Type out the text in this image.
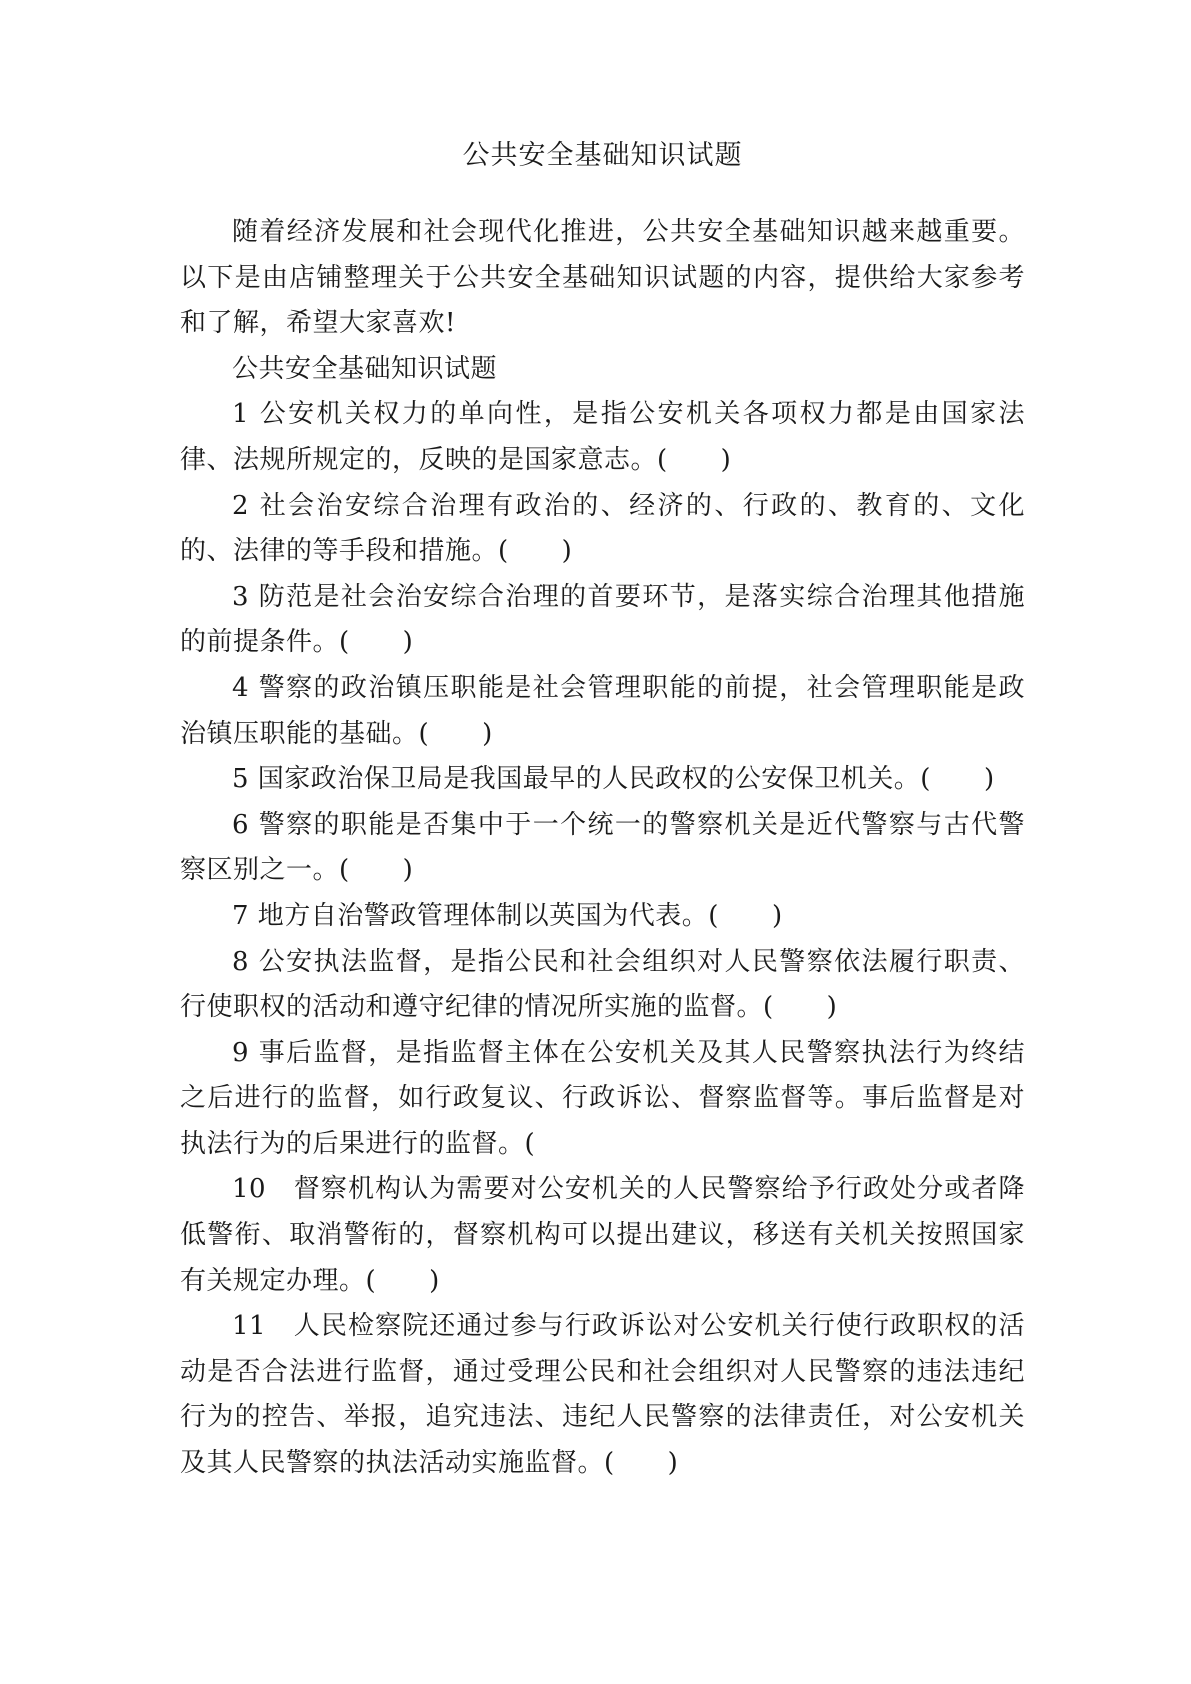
公共安全基础知识试题

随着经济发展和社会现代化推进，公共安全基础知识越来越重要。以下是由店铺整理关于公共安全基础知识试题的内容，提供给大家参考和了解，希望大家喜欢!

公共安全基础知识试题

1 公安机关权力的单向性，是指公安机关各项权力都是由国家法律、法规所规定的，反映的是国家意志。(　　)

2 社会治安综合治理有政治的、经济的、行政的、教育的、文化的、法律的等手段和措施。(　　)

3 防范是社会治安综合治理的首要环节，是落实综合治理其他措施的前提条件。(　　)

4 警察的政治镇压职能是社会管理职能的前提，社会管理职能是政治镇压职能的基础。(　　)

5 国家政治保卫局是我国最早的人民政权的公安保卫机关。(　　)

6 警察的职能是否集中于一个统一的警察机关是近代警察与古代警察区别之一。(　　)

7 地方自治警政管理体制以英国为代表。(　　)

8 公安执法监督，是指公民和社会组织对人民警察依法履行职责、行使职权的活动和遵守纪律的情况所实施的监督。(　　)

9 事后监督，是指监督主体在公安机关及其人民警察执法行为终结之后进行的监督，如行政复议、行政诉讼、督察监督等。事后监督是对执法行为的后果进行的监督。(

10　督察机构认为需要对公安机关的人民警察给予行政处分或者降低警衔、取消警衔的，督察机构可以提出建议，移送有关机关按照国家有关规定办理。(　　)

11　人民检察院还通过参与行政诉讼对公安机关行使行政职权的活动是否合法进行监督，通过受理公民和社会组织对人民警察的违法违纪行为的控告、举报，追究违法、违纪人民警察的法律责任，对公安机关及其人民警察的执法活动实施监督。(　　)
